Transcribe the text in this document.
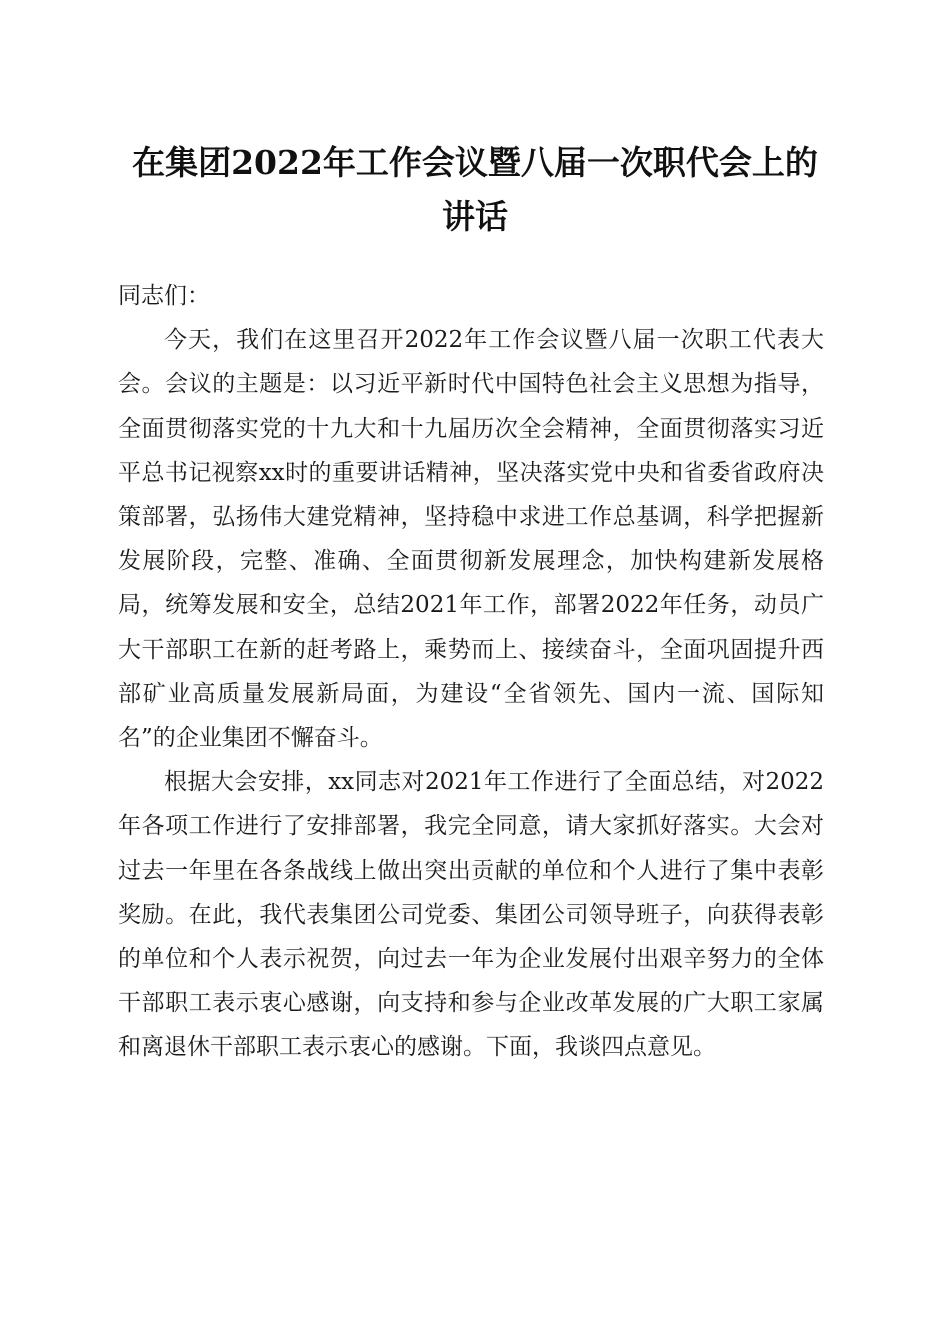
在集团2022年工作会议暨八届一次职代会上的讲话

同志们：

今天，我们在这里召开2022年工作会议暨八届一次职工代表大会。会议的主题是：以习近平新时代中国特色社会主义思想为指导，全面贯彻落实党的十九大和十九届历次全会精神，全面贯彻落实习近平总书记视察xx时的重要讲话精神，坚决落实党中央和省委省政府决策部署，弘扬伟大建党精神，坚持稳中求进工作总基调，科学把握新发展阶段，完整、准确、全面贯彻新发展理念，加快构建新发展格局，统筹发展和安全，总结2021年工作，部署2022年任务，动员广大干部职工在新的赶考路上，乘势而上、接续奋斗，全面巩固提升西部矿业高质量发展新局面，为建设“全省领先、国内一流、国际知名”的企业集团不懈奋斗。

根据大会安排，xx同志对2021年工作进行了全面总结，对2022年各项工作进行了安排部署，我完全同意，请大家抓好落实。大会对过去一年里在各条战线上做出突出贡献的单位和个人进行了集中表彰奖励。在此，我代表集团公司党委、集团公司领导班子，向获得表彰的单位和个人表示祝贺，向过去一年为企业发展付出艰辛努力的全体干部职工表示衷心感谢，向支持和参与企业改革发展的广大职工家属和离退休干部职工表示衷心的感谢。下面，我谈四点意见。
